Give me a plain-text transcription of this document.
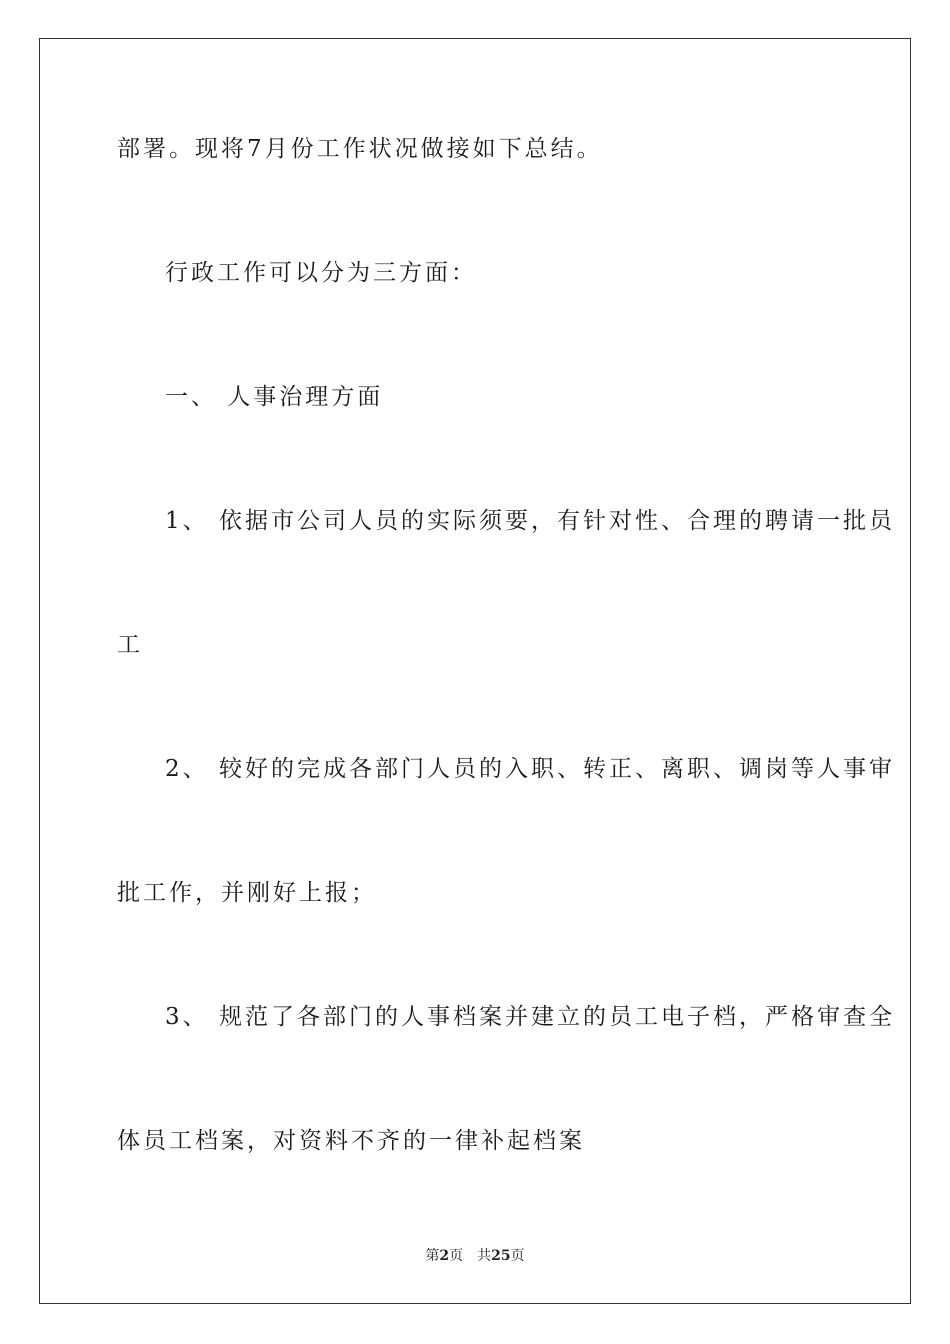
部署。现将7月份工作状况做接如下总结。
行政工作可以分为三方面：
一、 人事治理方面
1、 依据市公司人员的实际须要，有针对性、合理的聘请一批员
工
2、 较好的完成各部门人员的入职、转正、离职、调岗等人事审
批工作，并刚好上报；
3、 规范了各部门的人事档案并建立的员工电子档，严格审查全
体员工档案，对资料不齐的一律补起档案
第2页 共25页
